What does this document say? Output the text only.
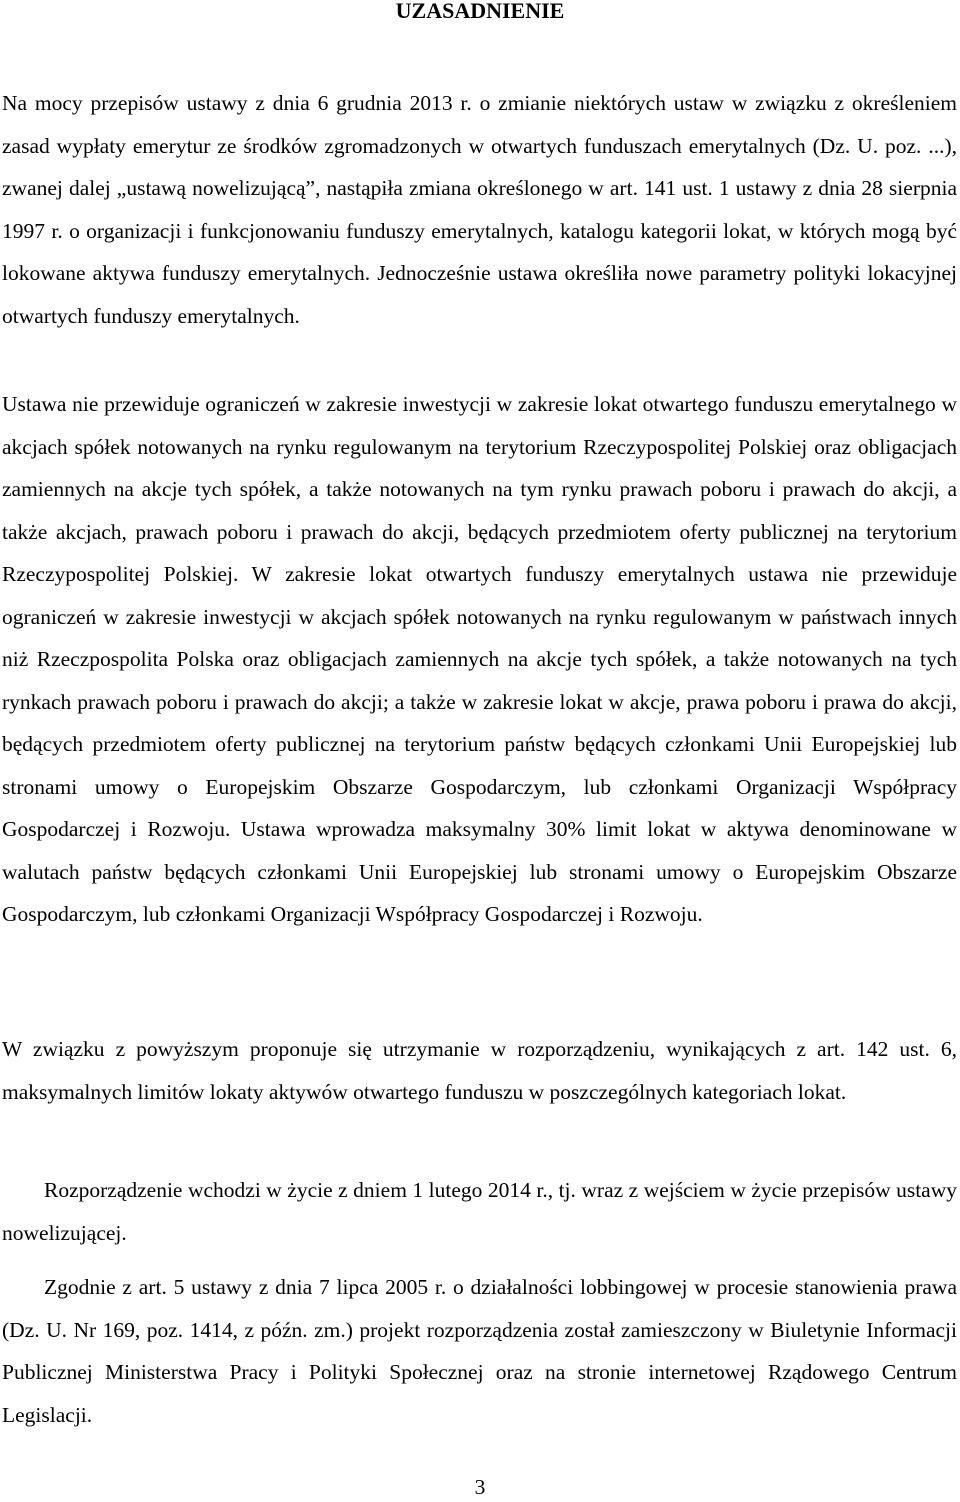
UZASADNIENIE

Na mocy przepisów ustawy z dnia 6 grudnia 2013 r. o zmianie niektórych ustaw w związku z określeniem zasad wypłaty emerytur ze środków zgromadzonych w otwartych funduszach emerytalnych (Dz. U. poz. ...), zwanej dalej „ustawą nowelizującą”, nastąpiła zmiana określonego w art. 141 ust. 1 ustawy z dnia 28 sierpnia 1997 r. o organizacji i funkcjonowaniu funduszy emerytalnych, katalogu kategorii lokat, w których mogą być lokowane aktywa funduszy emerytalnych. Jednocześnie ustawa określiła nowe parametry polityki lokacyjnej otwartych funduszy emerytalnych.

Ustawa nie przewiduje ograniczeń w zakresie inwestycji w zakresie lokat otwartego funduszu emerytalnego w akcjach spółek notowanych na rynku regulowanym na terytorium Rzeczypospolitej Polskiej oraz obligacjach zamiennych na akcje tych spółek, a także notowanych na tym rynku prawach poboru i prawach do akcji, a także akcjach, prawach poboru i prawach do akcji, będących przedmiotem oferty publicznej na terytorium Rzeczypospolitej Polskiej. W zakresie lokat otwartych funduszy emerytalnych ustawa nie przewiduje ograniczeń w zakresie inwestycji w akcjach spółek notowanych na rynku regulowanym w państwach innych niż Rzeczpospolita Polska oraz obligacjach zamiennych na akcje tych spółek, a także notowanych na tych rynkach prawach poboru i prawach do akcji; a także w zakresie lokat w akcje, prawa poboru i prawa do akcji, będących przedmiotem oferty publicznej na terytorium państw będących członkami Unii Europejskiej lub stronami umowy o Europejskim Obszarze Gospodarczym, lub członkami Organizacji Współpracy Gospodarczej i Rozwoju. Ustawa wprowadza maksymalny 30% limit lokat w aktywa denominowane w walutach państw będących członkami Unii Europejskiej lub stronami umowy o Europejskim Obszarze Gospodarczym, lub członkami Organizacji Współpracy Gospodarczej i Rozwoju.

W związku z powyższym proponuje się utrzymanie w rozporządzeniu, wynikających z art. 142 ust. 6, maksymalnych limitów lokaty aktywów otwartego funduszu w poszczególnych kategoriach lokat.

Rozporządzenie wchodzi w życie z dniem 1 lutego 2014 r., tj. wraz z wejściem w życie przepisów ustawy nowelizującej.

Zgodnie z art. 5 ustawy z dnia 7 lipca 2005 r. o działalności lobbingowej w procesie stanowienia prawa (Dz. U. Nr 169, poz. 1414, z późn. zm.) projekt rozporządzenia został zamieszczony w Biuletynie Informacji Publicznej Ministerstwa Pracy i Polityki Społecznej oraz na stronie internetowej Rządowego Centrum Legislacji.

3
